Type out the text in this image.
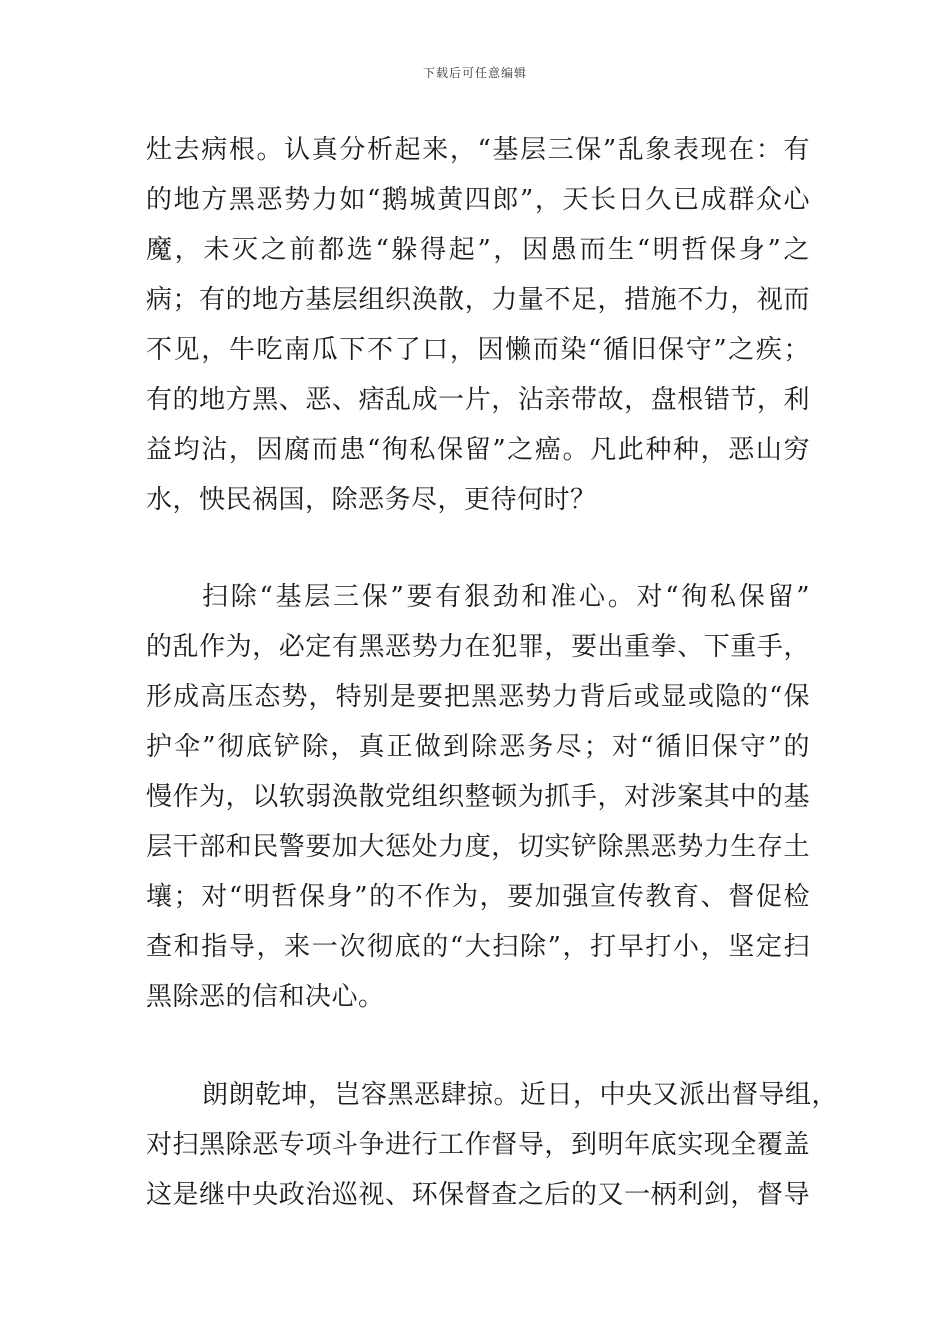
下载后可任意编辑
灶去病根。认真分析起来，“基层三保”乱象表现在：有
的地方黑恶势力如“鹅城黄四郎”，天长日久已成群众心
魔，未灭之前都选“躲得起”，因愚而生“明哲保身”之
病；有的地方基层组织涣散，力量不足，措施不力，视而
不见，牛吃南瓜下不了口，因懒而染“循旧保守”之疾；
有的地方黑、恶、痞乱成一片，沾亲带故，盘根错节，利
益均沾，因腐而患“徇私保留”之癌。凡此种种，恶山穷
水，怏民祸国，除恶务尽，更待何时？
扫除“基层三保”要有狠劲和准心。对“徇私保留”
的乱作为，必定有黑恶势力在犯罪，要出重拳、下重手，
形成高压态势，特别是要把黑恶势力背后或显或隐的“保
护伞”彻底铲除，真正做到除恶务尽；对“循旧保守”的
慢作为，以软弱涣散党组织整顿为抓手，对涉案其中的基
层干部和民警要加大惩处力度，切实铲除黑恶势力生存土
壤；对“明哲保身”的不作为，要加强宣传教育、督促检
查和指导，来一次彻底的“大扫除”，打早打小，坚定扫
黑除恶的信和决心。
朗朗乾坤，岂容黑恶肆掠。近日，中央又派出督导组，
对扫黑除恶专项斗争进行工作督导，到明年底实现全覆盖
这是继中央政治巡视、环保督查之后的又一柄利剑，督导
